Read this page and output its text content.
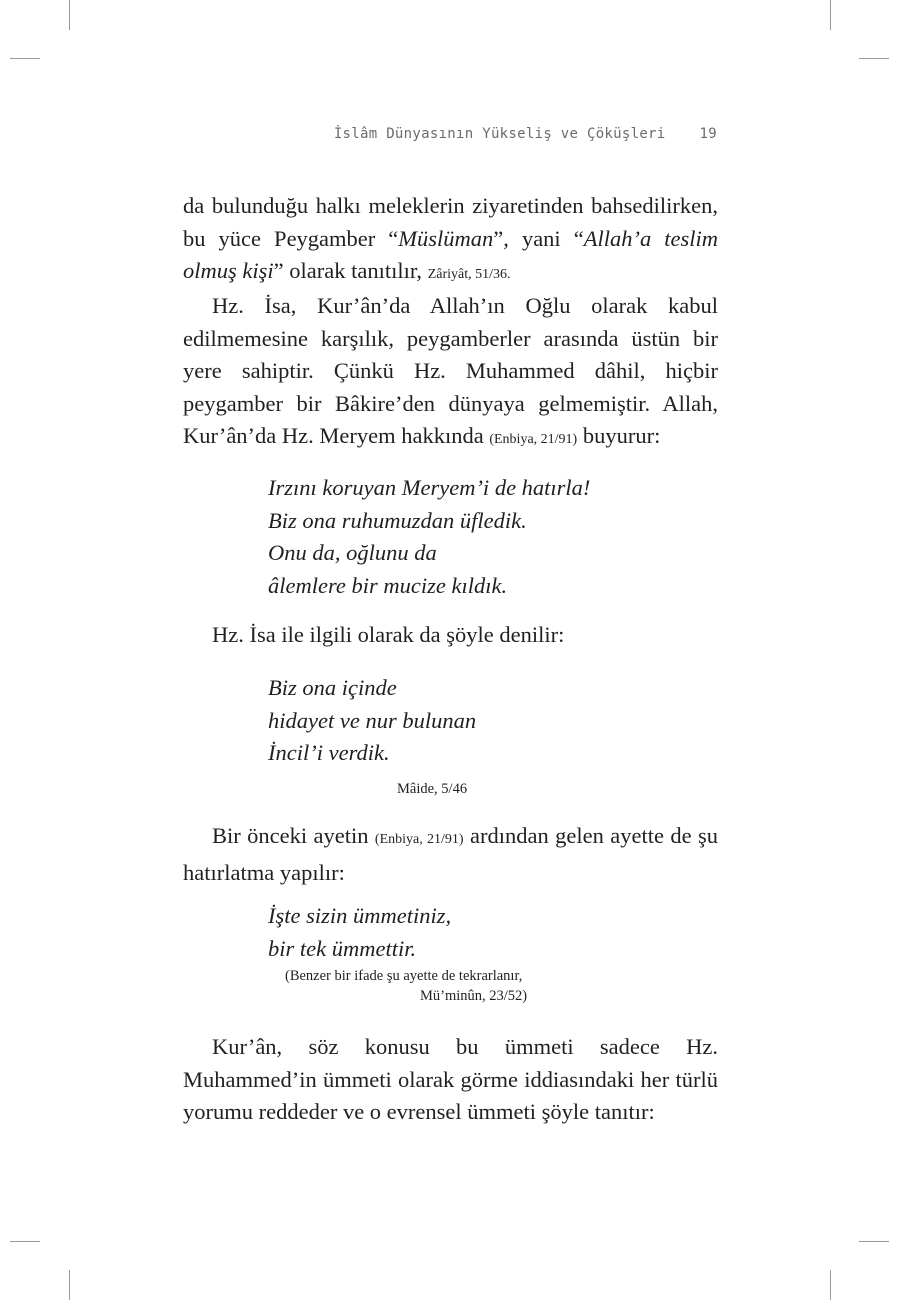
İslâm Dünyasının Yükseliş ve Çöküşleri 19

da bulunduğu halkı meleklerin ziyaretinden bahsedilirken, bu yüce Peygamber “Müslüman”, yani “Allah’a teslim olmuş kişi” olarak tanıtılır, Zâriyât, 51/36.

Hz. İsa, Kur’ân’da Allah’ın Oğlu olarak kabul edilmemesine karşılık, peygamberler arasında üstün bir yere sahiptir. Çünkü Hz. Muhammed dâhil, hiçbir peygamber bir Bâkire’den dünyaya gelmemiştir. Allah, Kur’ân’da Hz. Meryem hakkında (Enbiya, 21/91) buyurur:

Irzını koruyan Meryem’i de hatırla!
Biz ona ruhumuzdan üfledik.
Onu da, oğlunu da
âlemlere bir mucize kıldık.

Hz. İsa ile ilgili olarak da şöyle denilir:

Biz ona içinde
hidayet ve nur bulunan
İncil’i verdik.
Mâide, 5/46

Bir önceki ayetin (Enbiya, 21/91) ardından gelen ayette de şu hatırlatma yapılır:

İşte sizin ümmetiniz,
bir tek ümmettir.
(Benzer bir ifade şu ayette de tekrarlanır,
Mü’minûn, 23/52)

Kur’ân, söz konusu bu ümmeti sadece Hz. Muhammed’in ümmeti olarak görme iddiasındaki her türlü yorumu reddeder ve o evrensel ümmeti şöyle tanıtır:
